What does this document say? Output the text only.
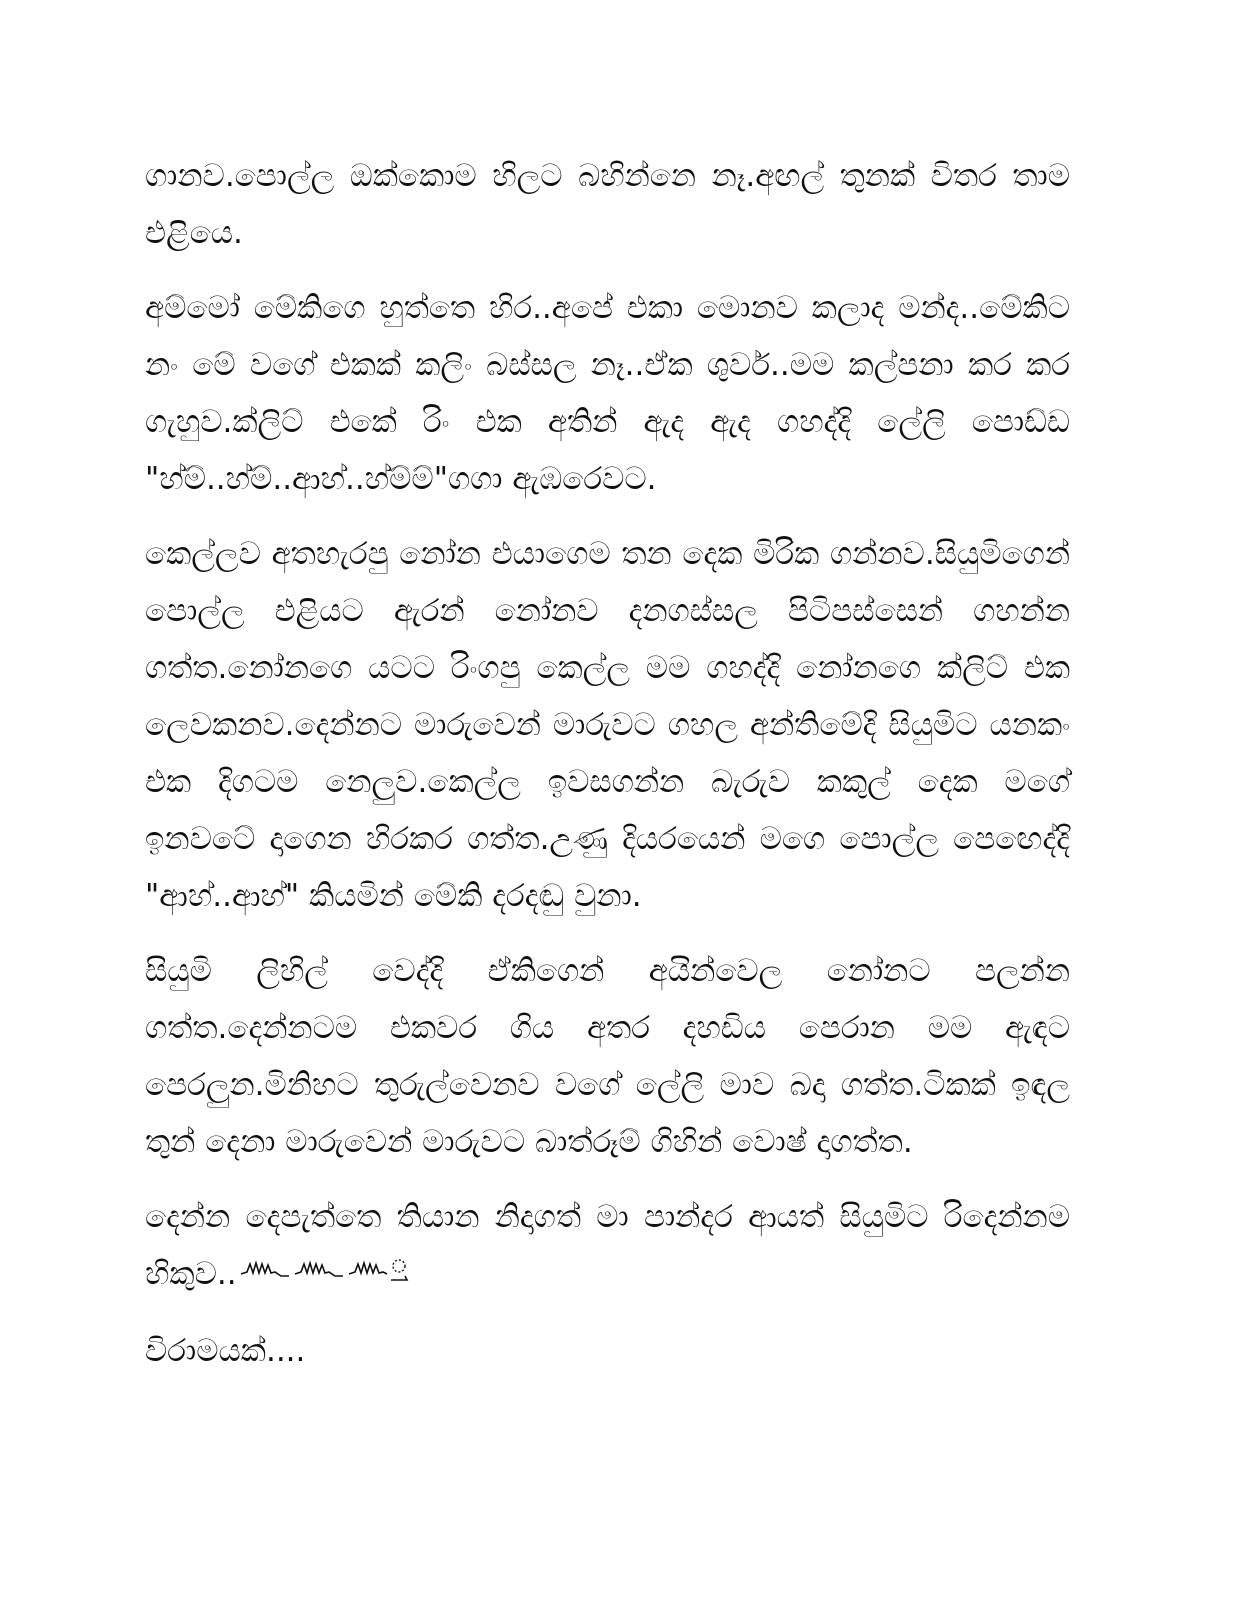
ගානව.පොල්ල ඔක්කොම හිලට බහින්නෙ නෑ.අඟල් තුනක් විතර තාම එළියෙ.

අම්මෝ මේකිගෙ හුත්තෙ හිර..අපේ එකා මොනව කලාද මන්ද..මේකිට නං මේ වගේ එකක් කලිං බස්සල නෑ..ඒක ශුවර්..මම කල්පනා කර කර ගැහුව.ක්ලිට් එකේ රිං එක අතින් ඇද ඇද ගහද්දි ලේලි පොඩ්ඩ "හ්ම්..හ්ම්..ආහ්..හ්ම්ම්"ගගා ඇඹරෙවට.

කෙල්ලව අතහැරපු නෝන එයාගෙම තන දෙක මිරික ගන්නව.සියුමිගෙන් පොල්ල එළියට ඇරන් නෝනව දනගස්සල පිටිපස්සෙන් ගහන්න ගත්ත.නෝනගෙ යටට රිංගපු කෙල්ල මම ගහද්දි නෝනගෙ ක්ලිට් එක ලෙවකනව.දෙන්නට මාරුවෙන් මාරුවට ගහල අන්තිමේදි සියුමිට යනකං එක දිගටම නෙලුව.කෙල්ල ඉවසගන්න බැරුව කකුල් දෙක මගේ ඉනවටේ දාගෙන හිරකර ගත්ත.උණු දියරයෙන් මගෙ පොල්ල පෙඟෙද්දි "ආහ්..ආහ්" කියමින් මේකි දරදඬු වුනා.

සියුමි ලිහිල් වෙද්දි ඒකිගෙන් අයින්වෙල නෝනට පලන්න ගත්ත.දෙන්නටම එකවර ගිය අතර දහඩිය පෙරාන මම ඇඳට පෙරලුන.මිනිහට තුරුල්වෙනව වගේ ලේලි මාව බදා ගත්ත.ටිකක් ඉඳල තුන් දෙනා මාරුවෙන් මාරුවට බාත්රූම් ගිහින් වොෂ් දාගත්ත.

දෙන්න දෙපැත්තෙ තියාන නිදාගත් මා පාන්දර ආයත් සියුමිට රිදෙන්නම හිකුව..

විරාමයක්....
